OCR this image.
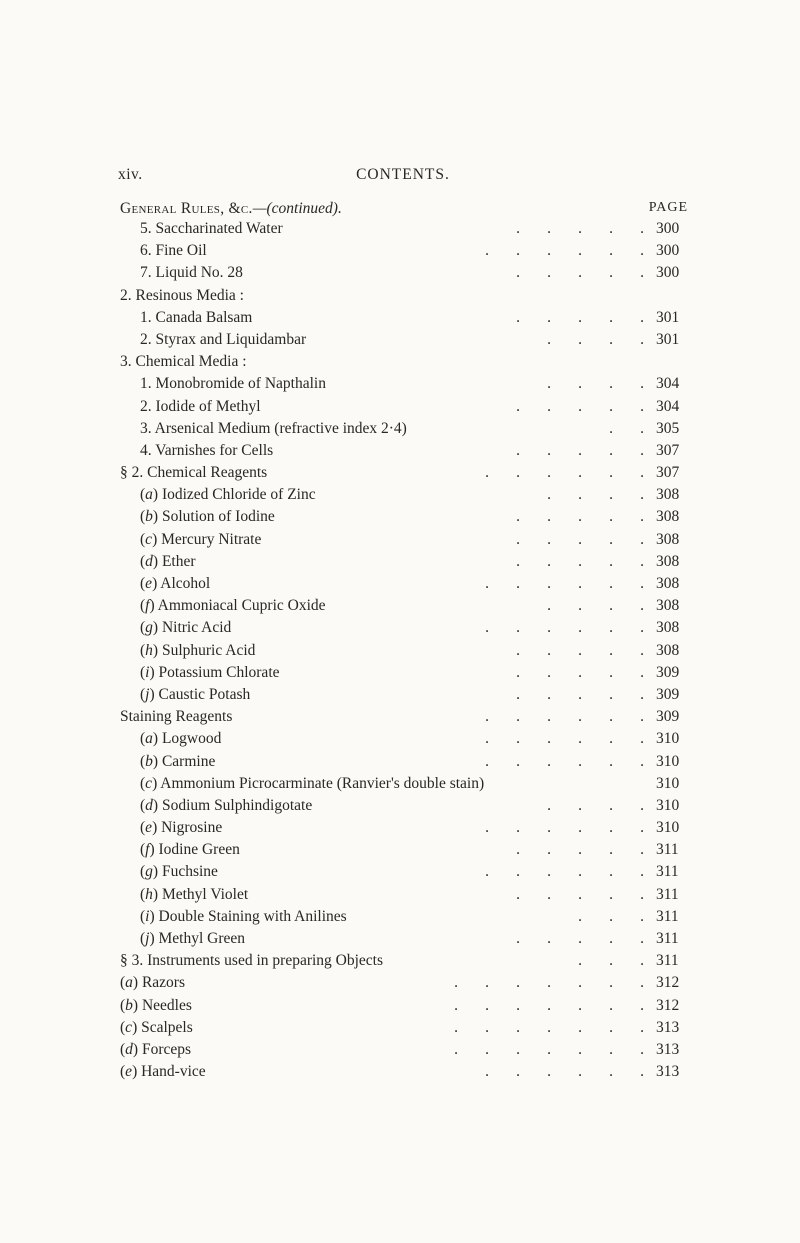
xiv.	CONTENTS.
General Rules, &c.—(continued).	PAGE
5. Saccharinated Water	.       .       .       .       . 300
6. Fine Oil	.       .       .       .       .       . 300
7. Liquid No. 28	.       .       .       .       . 300
2. Resinous Media :
1. Canada Balsam	.       .       .       .       . 301
2. Styrax and Liquidambar	.       .       .       . 301
3. Chemical Media :
1. Monobromide of Napthalin	.       .       .       . 304
2. Iodide of Methyl	.       .       .       .       . 304
3. Arsenical Medium (refractive index 2·4)	.       . 305
4. Varnishes for Cells	.       .       .       .       . 307
§ 2. Chemical Reagents	.       .       .       .       .       . 307
(a) Iodized Chloride of Zinc	.       .       .       . 308
(b) Solution of Iodine	.       .       .       .       . 308
(c) Mercury Nitrate	.       .       .       .       . 308
(d) Ether	.       .       .       .       . 308
(e) Alcohol	.       .       .       .       .       . 308
(f) Ammoniacal Cupric Oxide	.       .       .       . 308
(g) Nitric Acid	.       .       .       .       .       . 308
(h) Sulphuric Acid	.       .       .       .       . 308
(i) Potassium Chlorate	.       .       .       .       . 309
(j) Caustic Potash	.       .       .       .       . 309
Staining Reagents	.       .       .       .       .       . 309
(a) Logwood	.       .       .       .       .       . 310
(b) Carmine	.       .       .       .       .       . 310
(c) Ammonium Picrocarminate (Ranvier's double stain)	310
(d) Sodium Sulphindigotate	.       .       .       . 310
(e) Nigrosine	.       .       .       .       .       . 310
(f) Iodine Green	.       .       .       .       . 311
(g) Fuchsine	.       .       .       .       .       . 311
(h) Methyl Violet	.       .       .       .       . 311
(i) Double Staining with Anilines	.       .       . 311
(j) Methyl Green	.       .       .       .       . 311
§ 3. Instruments used in preparing Objects	.       .       . 311
(a) Razors	.       .       .       .       .       .       . 312
(b) Needles	.       .       .       .       .       .       . 312
(c) Scalpels	.       .       .       .       .       .       . 313
(d) Forceps	.       .       .       .       .       .       . 313
(e) Hand-vice	.       .       .       .       .       . 313
